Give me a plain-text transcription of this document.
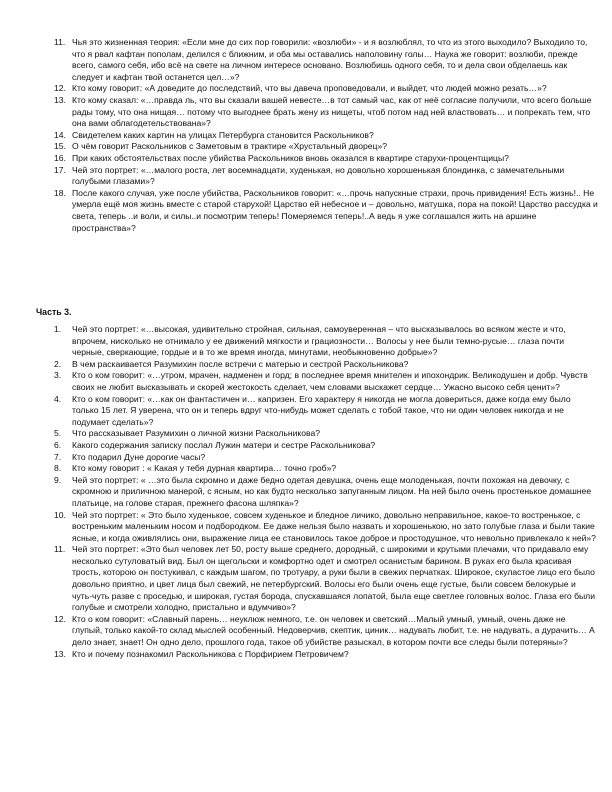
11. Чья это жизненная теория: «Если мне до сих пор говорили: «возлюби» - и я возлюблял, то что из этого выходило? Выходило то, что я рвал кафтан пополам, делился с ближним, и оба мы оставались наполовину голы… Наука же говорит: возлюби, прежде всего, самого себя, ибо всё на свете на личном интересе основано. Возлюбишь одного себя, то и дела свои обделаешь как следует и кафтан твой останется цел…»?
12. Кто кому говорит: «А доведите до последствий, что вы давеча проповедовали, и выйдет, что людей можно резать…»?
13. Кто кому сказал: «…правда ль, что вы сказали вашей невесте…в тот самый час, как от неё согласие получили, что всего больше рады тому, что она нищая… потому что выгоднее брать жену из нищеты, чтоб потом над ней властвовать… и попрекать тем, что она вами облагодетельствована»?
14. Свидетелем каких картин на улицах Петербурга становится Раскольников?
15. О чём говорит Раскольников с Заметовым в трактире «Хрустальный дворец»?
16. При каких обстоятельствах после убийства Раскольников вновь оказался в квартире старухи-процентщицы?
17. Чей это портрет: «…малого роста, лет восемнадцати, худенькая, но довольно хорошенькая блондинка, с замечательными голубыми глазами»?
18. После какого случая, уже после убийства, Раскольников говорит: «…прочь напускные страхи, прочь привидения! Есть жизнь!.. Не умерла ещё моя жизнь вместе с старой старухой! Царство ей небесное и – довольно, матушка, пора на покой! Царство рассудка и света, теперь ..и воли, и силы..и посмотрим теперь! Померяемся теперь!..А ведь я уже соглашался жить на аршине пространства»?
Часть 3.
1. Чей это портрет: «…высокая, удивительно стройная, сильная, самоуверенная – что высказывалось во всяком жесте и что, впрочем, нисколько не отнимало у ее движений мягкости и грациозности… Волосы у нее были темно-русые… глаза почти черные, сверкающие, гордые и в то же время иногда, минутами, необыкновенно добрые»?
2. В чем раскаивается Разумихин после встречи с матерью и сестрой Раскольникова?
3. Кто о ком говорит: «…утром, мрачен, надменен и горд; в последнее время мнителен и ипохондрик. Великодушен и добр. Чувств своих не любит высказывать и скорей жестокость сделает, чем словами выскажет сердце… Ужасно высоко себя ценит»?
4. Кто о ком говорит: «…как он фантастичен и… капризен. Его характеру я никогда не могла довериться, даже когда ему было только 15 лет. Я уверена, что он и теперь вдруг что-нибудь может сделать с тобой такое, что ни один человек никогда и не подумает сделать»?
5. Что рассказывает Разумихин о личной жизни Раскольникова?
6. Какого содержания записку послал Лужин матери и сестре Раскольникова?
7. Кто подарил Дуне дорогие часы?
8. Кто кому говорит : « Какая у тебя дурная квартира… точно гроб»?
9. Чей это портрет: « …это была скромно и даже бедно одетая девушка, очень еще молоденькая, почти похожая на девочку, с скромною и приличною манерой, с ясным, но как будто несколько запуганным лицом. На ней было очень простенькое домашнее платьице, на голове старая, прежнего фасона шляпка»?
10. Чей это портрет: « Это было худенькое, совсем худенькое и бледное личико, довольно неправильное, какое-то востренькое, с востреньким маленьким носом и подбородком. Ее даже нельзя было назвать и хорошенькою, но зато голубые глаза и были такие ясные, и когда оживлялись они, выражение лица ее становилось такое доброе и простодушное, что невольно привлекало к ней»?
11. Чей это портрет: «Это был человек лет 50, росту выше среднего, дородный, с широкими и крутыми плечами, что придавало ему несколько сутуловатый вид. Был он щегольски и комфортно одет и смотрел осанистым барином. В руках его была красивая трость, которою он постукивал, с каждым шагом, по тротуару, а руки были в свежих перчатках. Широкое, скуластое лицо его было довольно приятно, и цвет лица был свежий, не петербургский. Волосы его были очень еще густые, были совсем белокурые и чуть-чуть разве с проседью, и широкая, густая борода, спускавшаяся лопатой, была еще светлее головных волос. Глаза его были голубые и смотрели холодно, пристально и вдумчиво»?
12. Кто о ком говорит: «Славный парень… неуклюж немного, т.е. он человек и светский…Малый умный, умный, очень даже не глупый, только какой-то склад мыслей особенный. Недоверчив, скептик, циник… надувать любит, т.е. не надувать, а дурачить… А дело знает, знает! Он одно дело, прошлого года, такое об убийстве разыскал, в котором почти все следы были потеряны»?
13. Кто и почему познакомил Раскольникова с Порфирием Петровичем?
